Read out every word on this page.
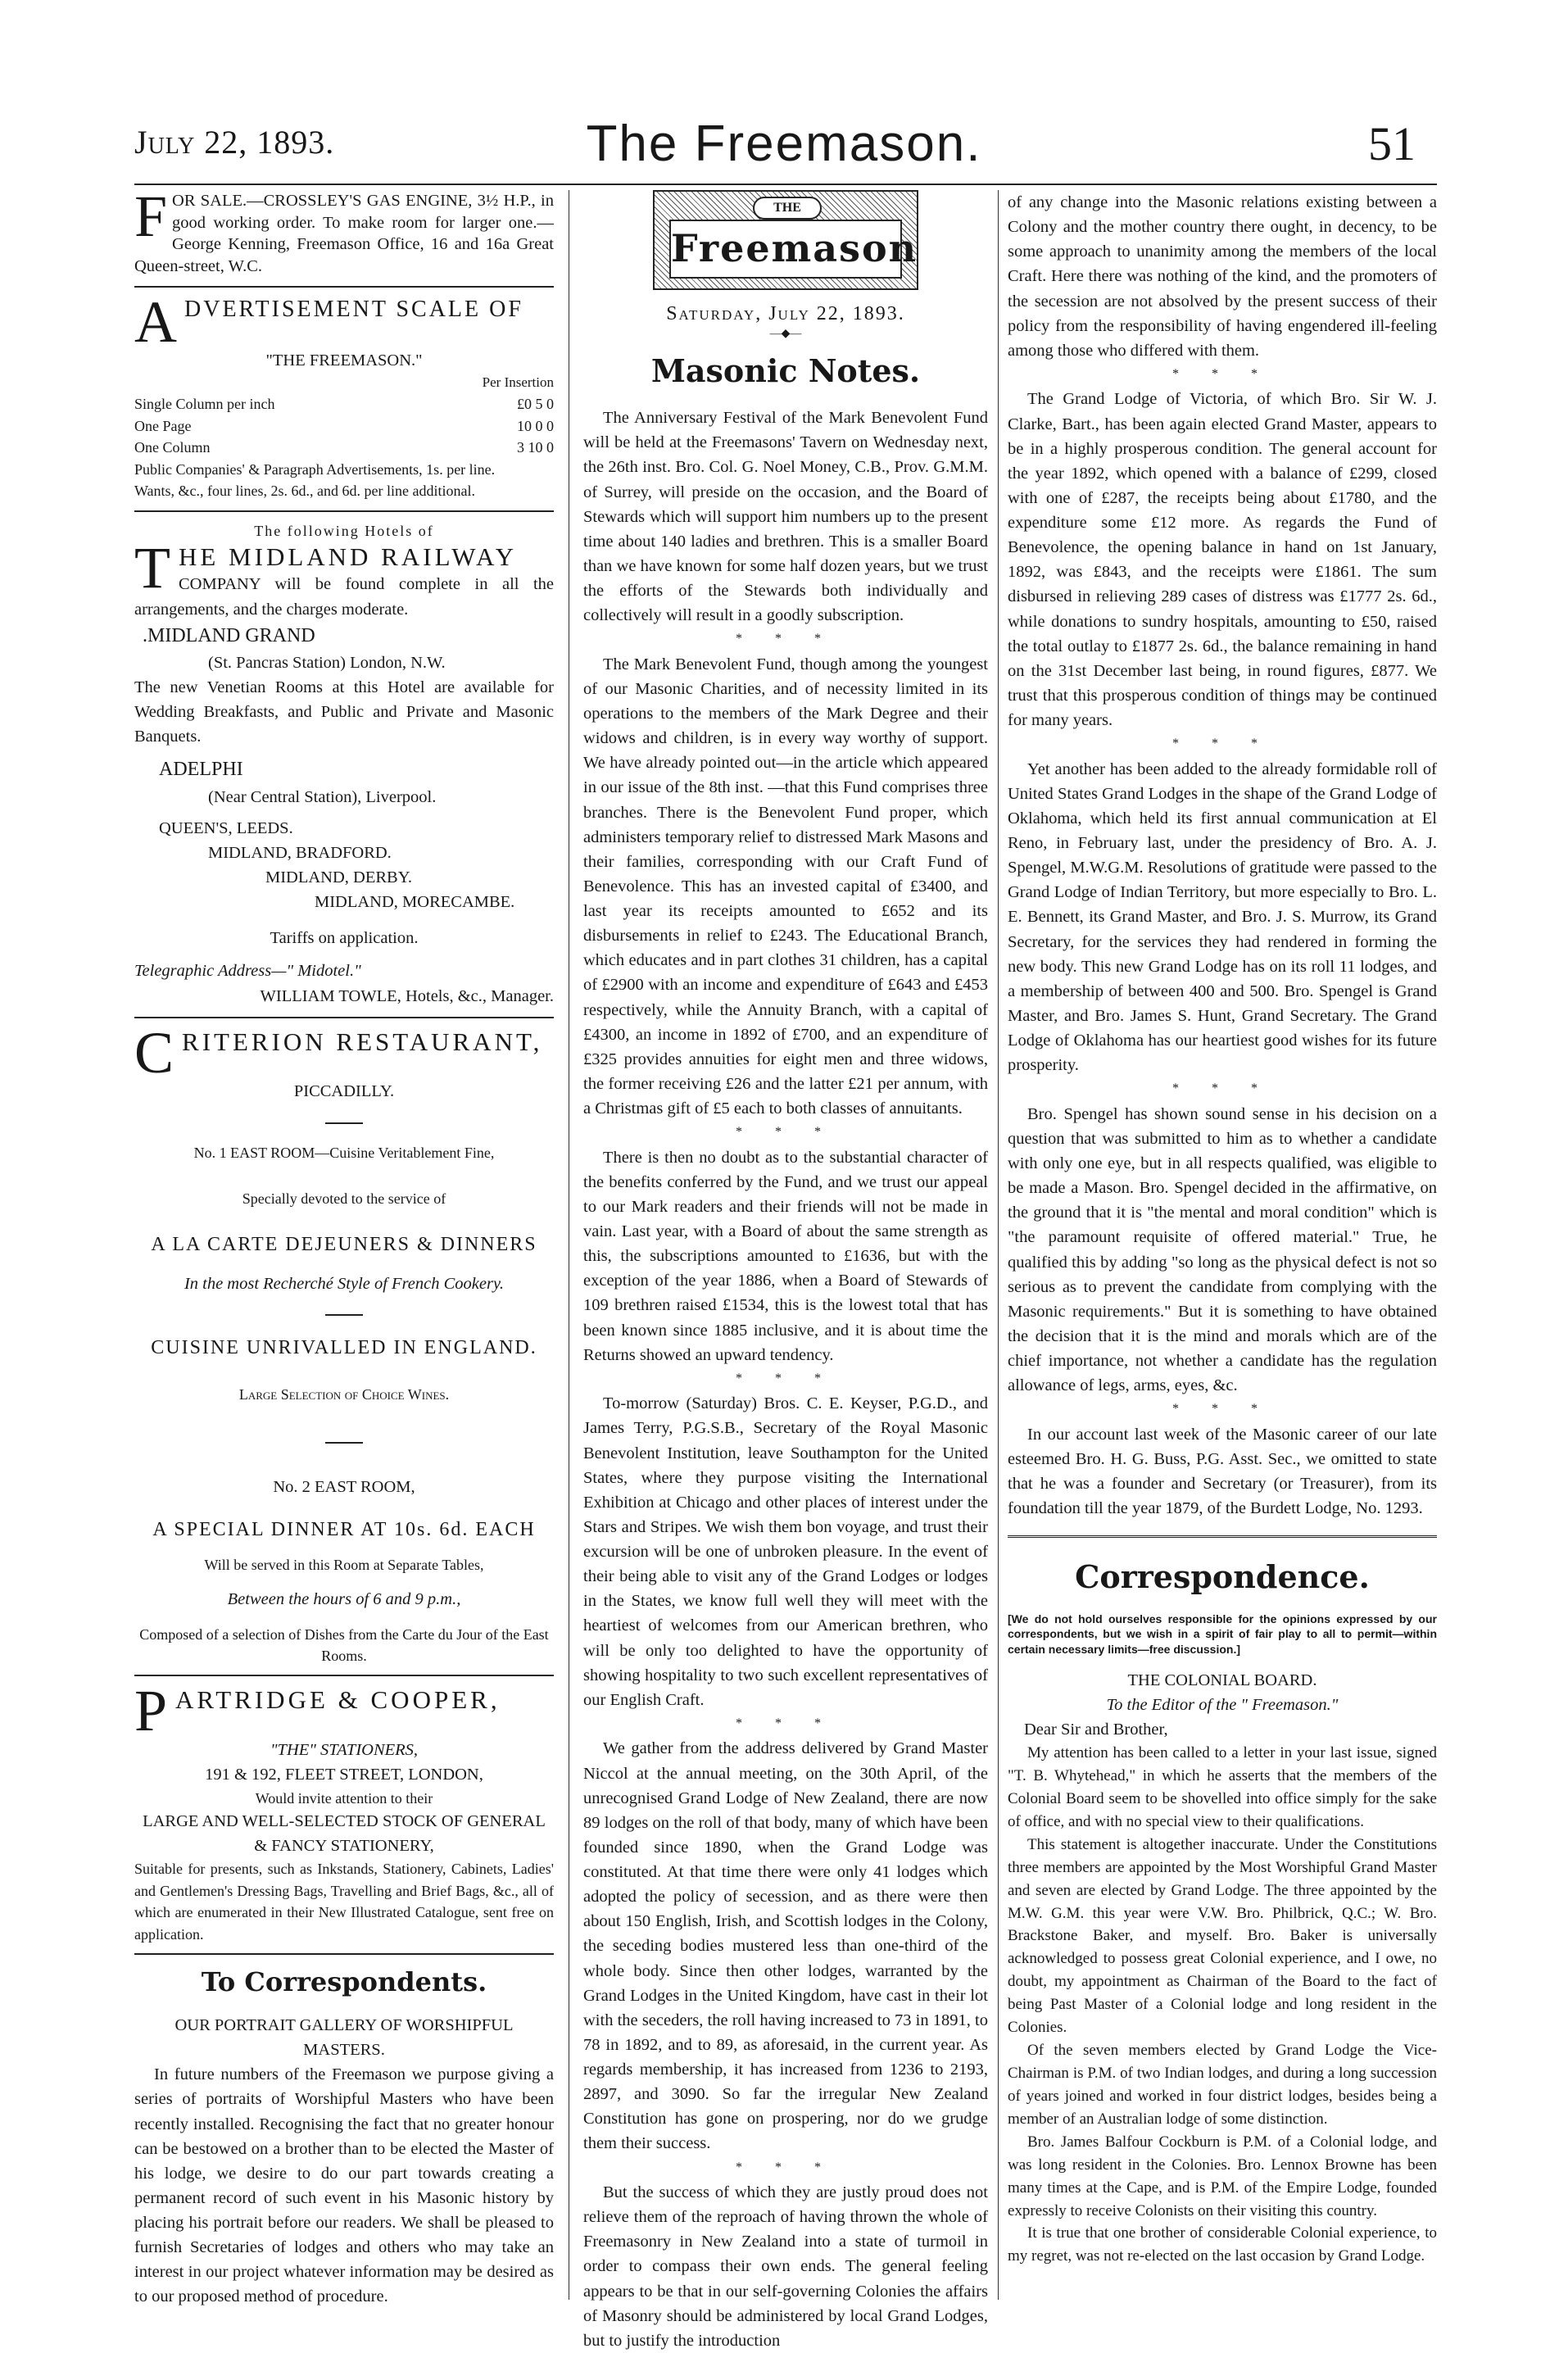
July 22, 1893.	The Freemason.	51

FOR SALE.—CROSSLEY'S GAS ENGINE, 3½ H.P., in good working order. To make room for larger one.—George Kenning, Freemason Office, 16 and 16a Great Queen-street, W.C.

ADVERTISEMENT SCALE OF
"THE FREEMASON."
Per Insertion
Single Column per inch	£0 5 0
One Page	10 0 0
One Column	3 10 0

Public Companies' & Paragraph Advertisements, 1s. per line.

Wants, &c., four lines, 2s. 6d., and 6d. per line additional.

The following Hotels of
THE MIDLAND RAILWAY

COMPANY will be found complete in all the arrangements, and the charges moderate.

.MIDLAND GRAND
(St. Pancras Station) London, N.W.

The new Venetian Rooms at this Hotel are available for Wedding Breakfasts, and Public and Private and Masonic Banquets.

ADELPHI
(Near Central Station), Liverpool.
QUEEN'S, LEEDS.
MIDLAND, BRADFORD.
MIDLAND, DERBY.
MIDLAND, MORECAMBE.
Tariffs on application.
Telegraphic Address—" Midotel."
WILLIAM TOWLE, Hotels, &c., Manager.
CRITERION RESTAURANT,
PICCADILLY.
No. 1 EAST ROOM—Cuisine Veritablement Fine,
Specially devoted to the service of
A LA CARTE DEJEUNERS & DINNERS
In the most Recherché Style of French Cookery.
CUISINE UNRIVALLED IN ENGLAND.
Large Selection of Choice Wines.
No. 2 EAST ROOM,
A SPECIAL DINNER AT 10s. 6d. EACH
Will be served in this Room at Separate Tables,
Between the hours of 6 and 9 p.m.,

Composed of a selection of Dishes from the Carte du Jour of the East Rooms.

PARTRIDGE & COOPER,
"THE" STATIONERS,
191 & 192, FLEET STREET, LONDON,
Would invite attention to their
LARGE AND WELL-SELECTED STOCK OF GENERAL & FANCY STATIONERY,

Suitable for presents, such as Inkstands, Stationery, Cabinets, Ladies' and Gentlemen's Dressing Bags, Travelling and Brief Bags, &c., all of which are enumerated in their New Illustrated Catalogue, sent free on application.

To Correspondents.
OUR PORTRAIT GALLERY OF WORSHIPFUL MASTERS.

In future numbers of the Freemason we purpose giving a series of portraits of Worshipful Masters who have been recently installed. Recognising the fact that no greater honour can be bestowed on a brother than to be elected the Master of his lodge, we desire to do our part towards creating a permanent record of such event in his Masonic history by placing his portrait before our readers. We shall be pleased to furnish Secretaries of lodges and others who may take an interest in our project whatever information may be desired as to our proposed method of procedure.

THE
Freemason
Saturday, July 22, 1893.
—◆—
Masonic Notes.

The Anniversary Festival of the Mark Benevolent Fund will be held at the Freemasons' Tavern on Wednesday next, the 26th inst. Bro. Col. G. Noel Money, C.B., Prov. G.M.M. of Surrey, will preside on the occasion, and the Board of Stewards which will support him numbers up to the present time about 140 ladies and brethren. This is a smaller Board than we have known for some half dozen years, but we trust the efforts of the Stewards both individually and collectively will result in a goodly subscription.

* * *

The Mark Benevolent Fund, though among the youngest of our Masonic Charities, and of necessity limited in its operations to the members of the Mark Degree and their widows and children, is in every way worthy of support. We have already pointed out—in the article which appeared in our issue of the 8th inst. —that this Fund comprises three branches. There is the Benevolent Fund proper, which administers temporary relief to distressed Mark Masons and their families, corresponding with our Craft Fund of Benevolence. This has an invested capital of £3400, and last year its receipts amounted to £652 and its disbursements in relief to £243. The Educational Branch, which educates and in part clothes 31 children, has a capital of £2900 with an income and expenditure of £643 and £453 respectively, while the Annuity Branch, with a capital of £4300, an income in 1892 of £700, and an expenditure of £325 provides annuities for eight men and three widows, the former receiving £26 and the latter £21 per annum, with a Christmas gift of £5 each to both classes of annuitants.

* * *

There is then no doubt as to the substantial character of the benefits conferred by the Fund, and we trust our appeal to our Mark readers and their friends will not be made in vain. Last year, with a Board of about the same strength as this, the subscriptions amounted to £1636, but with the exception of the year 1886, when a Board of Stewards of 109 brethren raised £1534, this is the lowest total that has been known since 1885 inclusive, and it is about time the Returns showed an upward tendency.

* * *

To-morrow (Saturday) Bros. C. E. Keyser, P.G.D., and James Terry, P.G.S.B., Secretary of the Royal Masonic Benevolent Institution, leave Southampton for the United States, where they purpose visiting the International Exhibition at Chicago and other places of interest under the Stars and Stripes. We wish them bon voyage, and trust their excursion will be one of unbroken pleasure. In the event of their being able to visit any of the Grand Lodges or lodges in the States, we know full well they will meet with the heartiest of welcomes from our American brethren, who will be only too delighted to have the opportunity of showing hospitality to two such excellent representatives of our English Craft.

* * *

We gather from the address delivered by Grand Master Niccol at the annual meeting, on the 30th April, of the unrecognised Grand Lodge of New Zealand, there are now 89 lodges on the roll of that body, many of which have been founded since 1890, when the Grand Lodge was constituted. At that time there were only 41 lodges which adopted the policy of secession, and as there were then about 150 English, Irish, and Scottish lodges in the Colony, the seceding bodies mustered less than one-third of the whole body. Since then other lodges, warranted by the Grand Lodges in the United Kingdom, have cast in their lot with the seceders, the roll having increased to 73 in 1891, to 78 in 1892, and to 89, as aforesaid, in the current year. As regards membership, it has increased from 1236 to 2193, 2897, and 3090. So far the irregular New Zealand Constitution has gone on prospering, nor do we grudge them their success.

* * *

But the success of which they are justly proud does not relieve them of the reproach of having thrown the whole of Freemasonry in New Zealand into a state of turmoil in order to compass their own ends. The general feeling appears to be that in our self-governing Colonies the affairs of Masonry should be administered by local Grand Lodges, but to justify the introduction

of any change into the Masonic relations existing between a Colony and the mother country there ought, in decency, to be some approach to unanimity among the members of the local Craft. Here there was nothing of the kind, and the promoters of the secession are not absolved by the present success of their policy from the responsibility of having engendered ill-feeling among those who differed with them.

* * *

The Grand Lodge of Victoria, of which Bro. Sir W. J. Clarke, Bart., has been again elected Grand Master, appears to be in a highly prosperous condition. The general account for the year 1892, which opened with a balance of £299, closed with one of £287, the receipts being about £1780, and the expenditure some £12 more. As regards the Fund of Benevolence, the opening balance in hand on 1st January, 1892, was £843, and the receipts were £1861. The sum disbursed in relieving 289 cases of distress was £1777 2s. 6d., while donations to sundry hospitals, amounting to £50, raised the total outlay to £1877 2s. 6d., the balance remaining in hand on the 31st December last being, in round figures, £877. We trust that this prosperous condition of things may be continued for many years.

* * *

Yet another has been added to the already formidable roll of United States Grand Lodges in the shape of the Grand Lodge of Oklahoma, which held its first annual communication at El Reno, in February last, under the presidency of Bro. A. J. Spengel, M.W.G.M. Resolutions of gratitude were passed to the Grand Lodge of Indian Territory, but more especially to Bro. L. E. Bennett, its Grand Master, and Bro. J. S. Murrow, its Grand Secretary, for the services they had rendered in forming the new body. This new Grand Lodge has on its roll 11 lodges, and a membership of between 400 and 500. Bro. Spengel is Grand Master, and Bro. James S. Hunt, Grand Secretary. The Grand Lodge of Oklahoma has our heartiest good wishes for its future prosperity.

* * *

Bro. Spengel has shown sound sense in his decision on a question that was submitted to him as to whether a candidate with only one eye, but in all respects qualified, was eligible to be made a Mason. Bro. Spengel decided in the affirmative, on the ground that it is "the mental and moral condition" which is "the paramount requisite of offered material." True, he qualified this by adding "so long as the physical defect is not so serious as to prevent the candidate from complying with the Masonic requirements." But it is something to have obtained the decision that it is the mind and morals which are of the chief importance, not whether a candidate has the regulation allowance of legs, arms, eyes, &c.

* * *

In our account last week of the Masonic career of our late esteemed Bro. H. G. Buss, P.G. Asst. Sec., we omitted to state that he was a founder and Secretary (or Treasurer), from its foundation till the year 1879, of the Burdett Lodge, No. 1293.

Correspondence.

[We do not hold ourselves responsible for the opinions expressed by our correspondents, but we wish in a spirit of fair play to all to permit—within certain necessary limits—free discussion.]

THE COLONIAL BOARD.
To the Editor of the " Freemason."
Dear Sir and Brother,

My attention has been called to a letter in your last issue, signed "T. B. Whytehead," in which he asserts that the members of the Colonial Board seem to be shovelled into office simply for the sake of office, and with no special view to their qualifications.

This statement is altogether inaccurate. Under the Constitutions three members are appointed by the Most Worshipful Grand Master and seven are elected by Grand Lodge. The three appointed by the M.W. G.M. this year were V.W. Bro. Philbrick, Q.C.; W. Bro. Brackstone Baker, and myself. Bro. Baker is universally acknowledged to possess great Colonial experience, and I owe, no doubt, my appointment as Chairman of the Board to the fact of being Past Master of a Colonial lodge and long resident in the Colonies.

Of the seven members elected by Grand Lodge the Vice-Chairman is P.M. of two Indian lodges, and during a long succession of years joined and worked in four district lodges, besides being a member of an Australian lodge of some distinction.

Bro. James Balfour Cockburn is P.M. of a Colonial lodge, and was long resident in the Colonies. Bro. Lennox Browne has been many times at the Cape, and is P.M. of the Empire Lodge, founded expressly to receive Colonists on their visiting this country.

It is true that one brother of considerable Colonial experience, to my regret, was not re-elected on the last occasion by Grand Lodge.
